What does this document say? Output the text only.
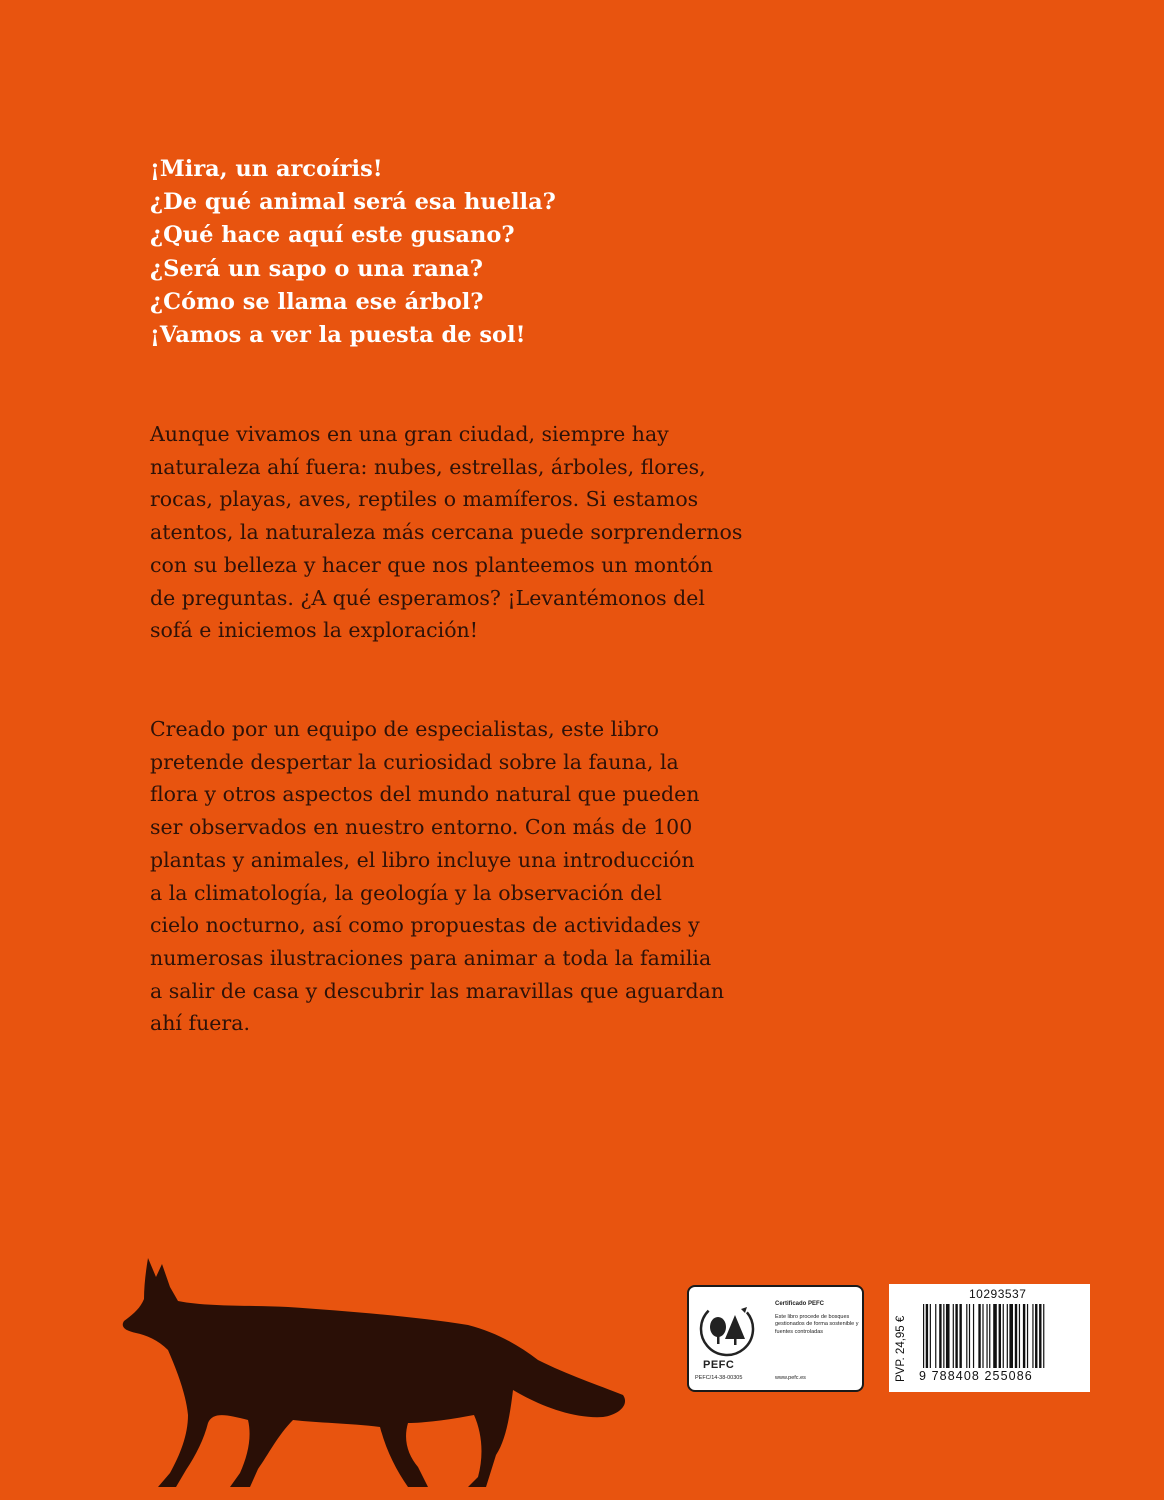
¡Mira, un arcoíris!
¿De qué animal será esa huella?
¿Qué hace aquí este gusano?
¿Será un sapo o una rana?
¿Cómo se llama ese árbol?
¡Vamos a ver la puesta de sol!

Aunque vivamos en una gran ciudad, siempre hay
naturaleza ahí fuera: nubes, estrellas, árboles, flores,
rocas, playas, aves, reptiles o mamíferos. Si estamos
atentos, la naturaleza más cercana puede sorprendernos
con su belleza y hacer que nos planteemos un montón
de preguntas. ¿A qué esperamos? ¡Levantémonos del
sofá e iniciemos la exploración!

Creado por un equipo de especialistas, este libro
pretende despertar la curiosidad sobre la fauna, la
flora y otros aspectos del mundo natural que pueden
ser observados en nuestro entorno. Con más de 100
plantas y animales, el libro incluye una introducción
a la climatología, la geología y la observación del
cielo nocturno, así como propuestas de actividades y
numerosas ilustraciones para animar a toda la familia
a salir de casa y descubrir las maravillas que aguardan
ahí fuera.

PEFC
PEFC/14-38-00305
Certificado PEFC
Este libro procede de bosques gestionados de forma sostenible y fuentes controladas
www.pefc.es	PVP. 24,95 €
10293537
9 788408 255086
